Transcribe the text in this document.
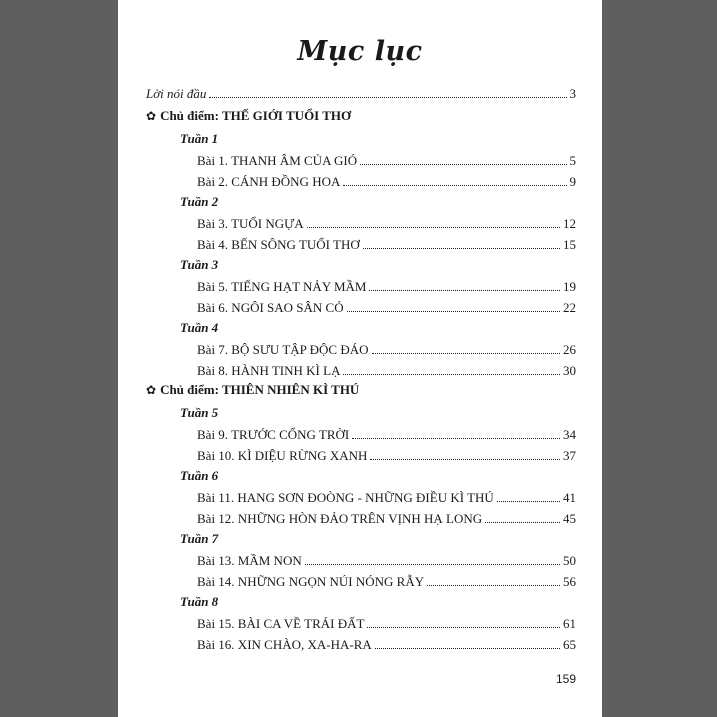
Mục lục
Lời nói đầu	3
✿ Chủ điểm: THẾ GIỚI TUỔI THƠ
Tuần 1
Bài 1. THANH ÂM CỦA GIÓ	5
Bài 2. CÁNH ĐỒNG HOA	9
Tuần 2
Bài 3. TUỔI NGỰA	12
Bài 4. BẾN SÔNG TUỔI THƠ	15
Tuần 3
Bài 5. TIẾNG HẠT NẢY MẦM	19
Bài 6. NGÔI SAO SÂN CỎ	22
Tuần 4
Bài 7. BỘ SƯU TẬP ĐỘC ĐÁO	26
Bài 8. HÀNH TINH KÌ LẠ	30
✿ Chủ điểm: THIÊN NHIÊN KÌ THÚ
Tuần 5
Bài 9. TRƯỚC CỔNG TRỜI	34
Bài 10. KÌ DIỆU RỪNG XANH	37
Tuần 6
Bài 11. HANG SƠN ĐOÒNG - NHỮNG ĐIỀU KÌ THÚ	41
Bài 12. NHỮNG HÒN ĐẢO TRÊN VỊNH HẠ LONG	45
Tuần 7
Bài 13. MẦM NON	50
Bài 14. NHỮNG NGỌN NÚI NÓNG RẪY	56
Tuần 8
Bài 15. BÀI CA VỀ TRÁI ĐẤT	61
Bài 16. XIN CHÀO, XA-HA-RA	65
159
